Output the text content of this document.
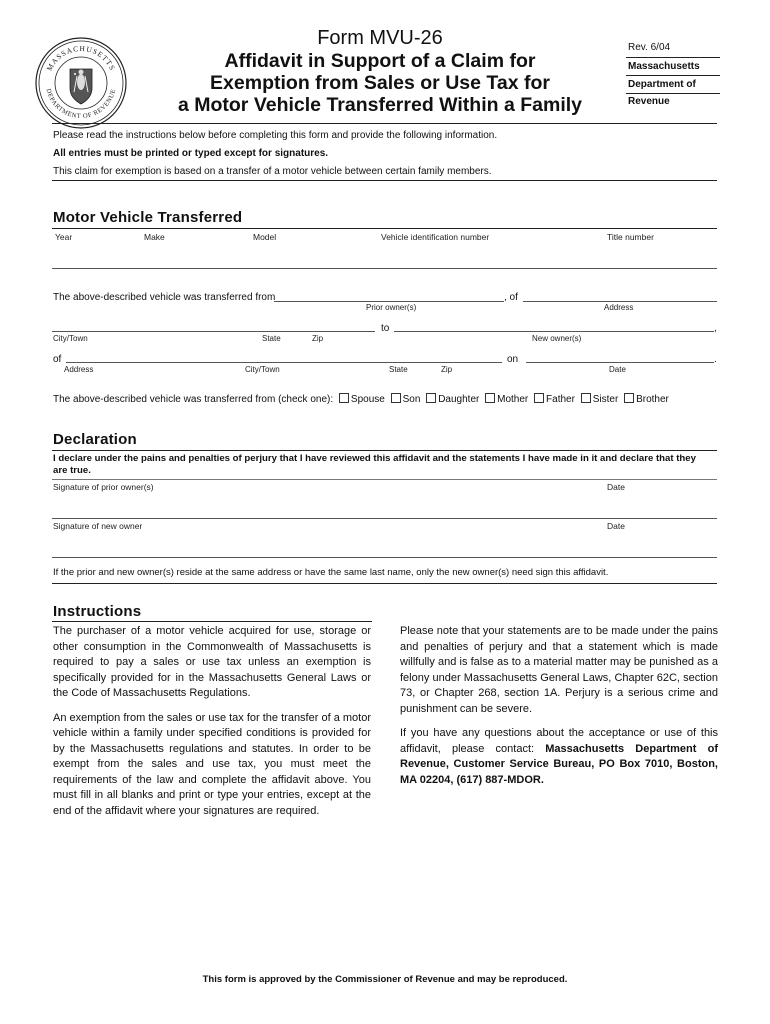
MASSACHUSETTS
DEPARTMENT OF REVENUE
Form MVU-26
Affidavit in Support of a Claim for
Exemption from Sales or Use Tax for
a Motor Vehicle Transferred Within a Family
Rev. 6/04
Massachusetts
Department of
Revenue
Please read the instructions below before completing this form and provide the following information.
All entries must be printed or typed except for signatures.
This claim for exemption is based on a transfer of a motor vehicle between certain family members.
Motor Vehicle Transferred
Year	Make	Model	Vehicle identification number	Title number
The above-described vehicle was transferred from	, of
Prior owner(s)	Address
to	,
City/Town	State	Zip	New owner(s)
of	on	.
Address	City/Town	State	Zip	Date
The above-described vehicle was transferred from (check one): Spouse Son Daughter Mother Father Sister Brother
Declaration
I declare under the pains and penalties of perjury that I have reviewed this affidavit and the statements I have made in it and declare that they
are true.
Signature of prior owner(s)	Date
Signature of new owner	Date
If the prior and new owner(s) reside at the same address or have the same last name, only the new owner(s) need sign this affidavit.
Instructions
The purchaser of a motor vehicle acquired for use, storage or other consumption in the Commonwealth of Massachusetts is required to pay a sales or use tax unless an exemption is specifically provided for in the Massachusetts General Laws or the Code of Massachusetts Regulations.
An exemption from the sales or use tax for the transfer of a motor vehicle within a family under specified conditions is provided for by the Massachusetts regulations and statutes. In order to be exempt from the sales and use tax, you must meet the requirements of the law and complete the affidavit above. You must fill in all blanks and print or type your entries, except at the end of the affidavit where your signatures are required.
Please note that your statements are to be made under the pains and penalties of perjury and that a statement which is made willfully and is false as to a material matter may be punished as a felony under Massachusetts General Laws, Chapter 62C, section 73, or Chapter 268, section 1A. Perjury is a serious crime and punishment can be severe.
If you have any questions about the acceptance or use of this affidavit, please contact: Massachusetts Department of Revenue, Customer Service Bureau, PO Box 7010, Boston, MA 02204, (617) 887-MDOR.
This form is approved by the Commissioner of Revenue and may be reproduced.
